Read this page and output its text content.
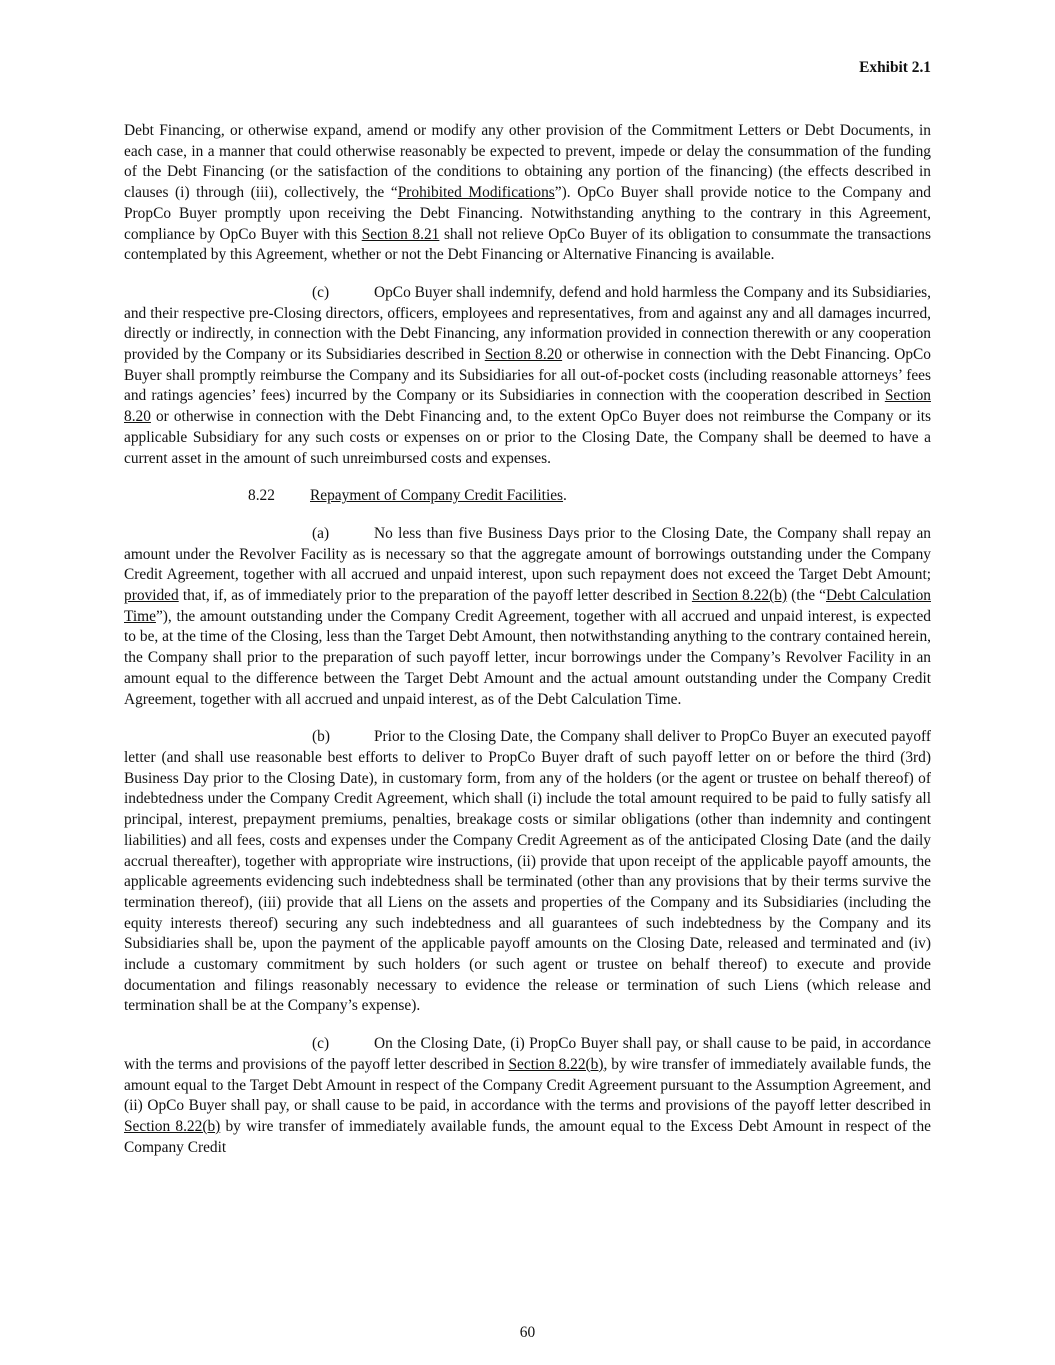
Exhibit 2.1

Debt Financing, or otherwise expand, amend or modify any other provision of the Commitment Letters or Debt Documents, in each case, in a manner that could otherwise reasonably be expected to prevent, impede or delay the consummation of the funding of the Debt Financing (or the satisfaction of the conditions to obtaining any portion of the financing) (the effects described in clauses (i) through (iii), collectively, the “Prohibited Modifications”). OpCo Buyer shall provide notice to the Company and PropCo Buyer promptly upon receiving the Debt Financing. Notwithstanding anything to the contrary in this Agreement, compliance by OpCo Buyer with this Section 8.21 shall not relieve OpCo Buyer of its obligation to consummate the transactions contemplated by this Agreement, whether or not the Debt Financing or Alternative Financing is available.

(c)	OpCo Buyer shall indemnify, defend and hold harmless the Company and its Subsidiaries, and their respective pre-Closing directors, officers, employees and representatives, from and against any and all damages incurred, directly or indirectly, in connection with the Debt Financing, any information provided in connection therewith or any cooperation provided by the Company or its Subsidiaries described in Section 8.20 or otherwise in connection with the Debt Financing. OpCo Buyer shall promptly reimburse the Company and its Subsidiaries for all out-of-pocket costs (including reasonable attorneys’ fees and ratings agencies’ fees) incurred by the Company or its Subsidiaries in connection with the cooperation described in Section 8.20 or otherwise in connection with the Debt Financing and, to the extent OpCo Buyer does not reimburse the Company or its applicable Subsidiary for any such costs or expenses on or prior to the Closing Date, the Company shall be deemed to have a current asset in the amount of such unreimbursed costs and expenses.

8.22 Repayment of Company Credit Facilities.

(a)	No less than five Business Days prior to the Closing Date, the Company shall repay an amount under the Revolver Facility as is necessary so that the aggregate amount of borrowings outstanding under the Company Credit Agreement, together with all accrued and unpaid interest, upon such repayment does not exceed the Target Debt Amount; provided that, if, as of immediately prior to the preparation of the payoff letter described in Section 8.22(b) (the “Debt Calculation Time”), the amount outstanding under the Company Credit Agreement, together with all accrued and unpaid interest, is expected to be, at the time of the Closing, less than the Target Debt Amount, then notwithstanding anything to the contrary contained herein, the Company shall prior to the preparation of such payoff letter, incur borrowings under the Company’s Revolver Facility in an amount equal to the difference between the Target Debt Amount and the actual amount outstanding under the Company Credit Agreement, together with all accrued and unpaid interest, as of the Debt Calculation Time.

(b)	Prior to the Closing Date, the Company shall deliver to PropCo Buyer an executed payoff letter (and shall use reasonable best efforts to deliver to PropCo Buyer draft of such payoff letter on or before the third (3rd) Business Day prior to the Closing Date), in customary form, from any of the holders (or the agent or trustee on behalf thereof) of indebtedness under the Company Credit Agreement, which shall (i) include the total amount required to be paid to fully satisfy all principal, interest, prepayment premiums, penalties, breakage costs or similar obligations (other than indemnity and contingent liabilities) and all fees, costs and expenses under the Company Credit Agreement as of the anticipated Closing Date (and the daily accrual thereafter), together with appropriate wire instructions, (ii) provide that upon receipt of the applicable payoff amounts, the applicable agreements evidencing such indebtedness shall be terminated (other than any provisions that by their terms survive the termination thereof), (iii) provide that all Liens on the assets and properties of the Company and its Subsidiaries (including the equity interests thereof) securing any such indebtedness and all guarantees of such indebtedness by the Company and its Subsidiaries shall be, upon the payment of the applicable payoff amounts on the Closing Date, released and terminated and (iv) include a customary commitment by such holders (or such agent or trustee on behalf thereof) to execute and provide documentation and filings reasonably necessary to evidence the release or termination of such Liens (which release and termination shall be at the Company’s expense).

(c)	On the Closing Date, (i) PropCo Buyer shall pay, or shall cause to be paid, in accordance with the terms and provisions of the payoff letter described in Section 8.22(b), by wire transfer of immediately available funds, the amount equal to the Target Debt Amount in respect of the Company Credit Agreement pursuant to the Assumption Agreement, and (ii) OpCo Buyer shall pay, or shall cause to be paid, in accordance with the terms and provisions of the payoff letter described in Section 8.22(b) by wire transfer of immediately available funds, the amount equal to the Excess Debt Amount in respect of the Company Credit

60
